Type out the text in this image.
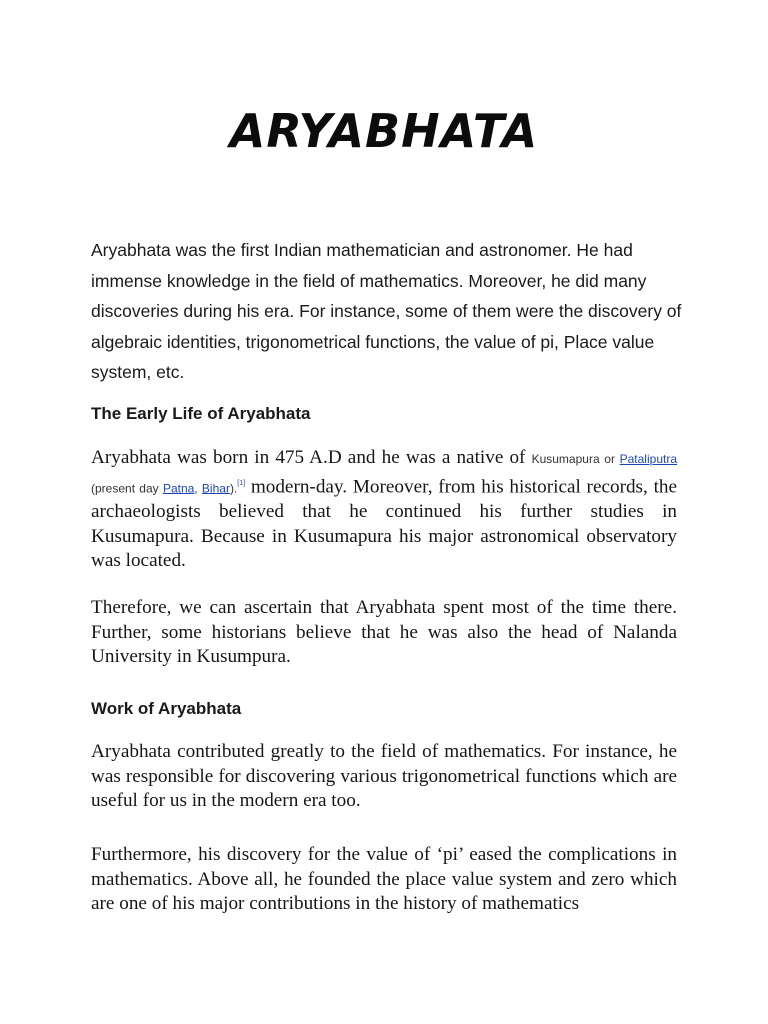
ARYABHATA

Aryabhata was the first Indian mathematician and astronomer. He had immense knowledge in the field of mathematics. Moreover, he did many discoveries during his era. For instance, some of them were the discovery of algebraic identities, trigonometrical functions, the value of pi, Place value system, etc.

The Early Life of Aryabhata

Aryabhata was born in 475 A.D and he was a native of Kusumapura or Pataliputra (present day Patna, Bihar).[1] modern-day. Moreover, from his historical records, the archaeologists believed that he continued his further studies in Kusumapura. Because in Kusumapura his major astronomical observatory was located.

Therefore, we can ascertain that Aryabhata spent most of the time there. Further, some historians believe that he was also the head of Nalanda University in Kusumpura.

Work of Aryabhata

Aryabhata contributed greatly to the field of mathematics. For instance, he was responsible for discovering various trigonometrical functions which are useful for us in the modern era too.

Furthermore, his discovery for the value of ‘pi’ eased the complications in mathematics. Above all, he founded the place value system and zero which are one of his major contributions in the history of mathematics
